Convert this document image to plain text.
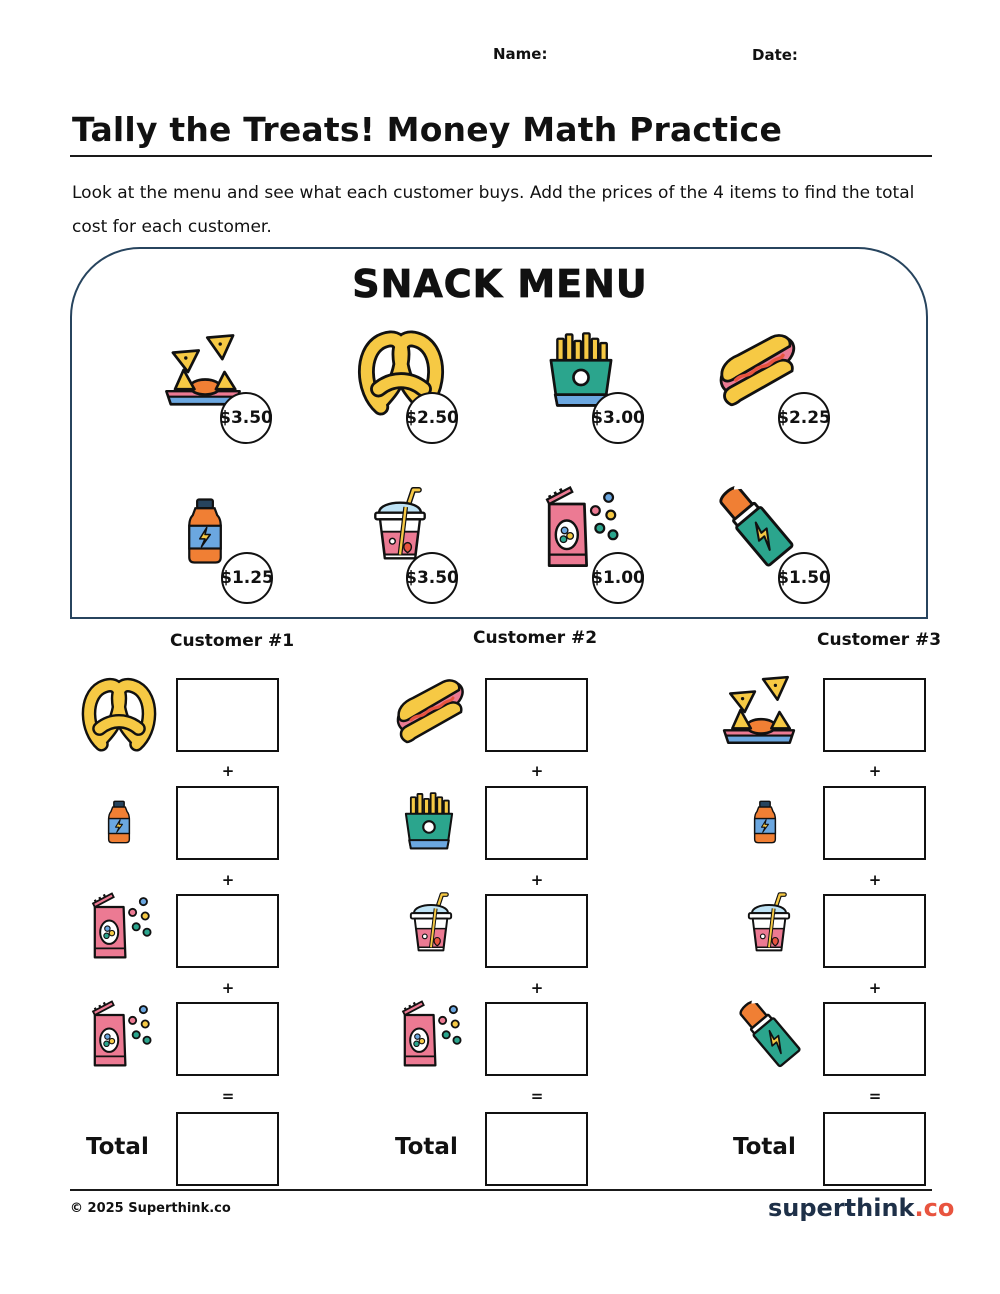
Name:	Date:
Tally the Treats! Money Math Practice
Look at the menu and see what each customer buys. Add the prices of the 4 items to find the total cost for each customer.
SNACK MENU
$3.50	$2.50	$3.00	$2.25
$1.25	$3.50	$1.00	$1.50
Customer #1	Customer #2	Customer #3
+
+
+
=
Total
+
+
+
=
Total
+
+
+
=
Total
© 2025 Superthink.co	superthink.co
